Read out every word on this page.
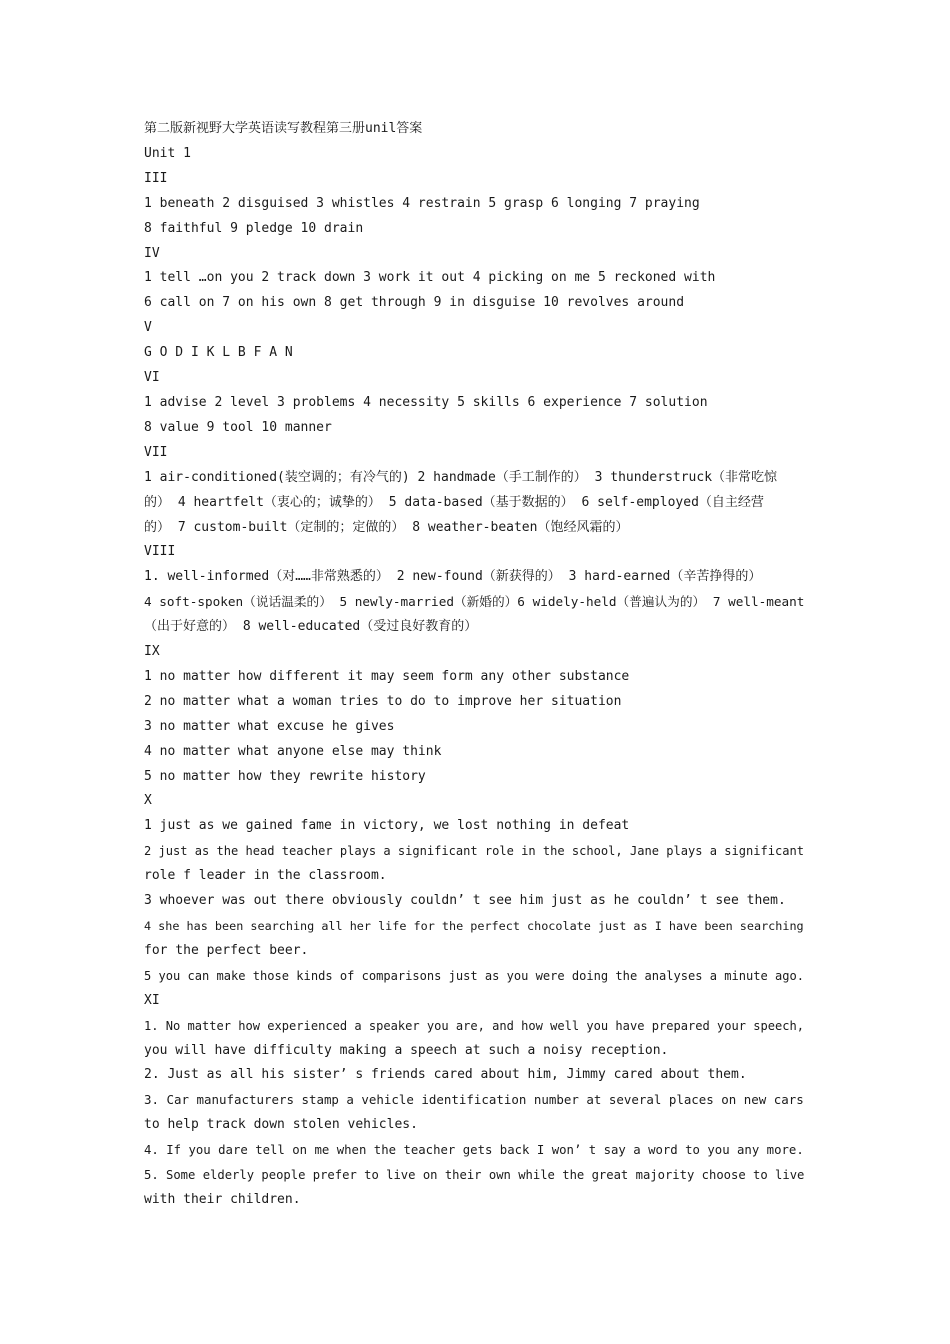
第二版新视野大学英语读写教程第三册unil答案
Unit 1
III
1 beneath 2 disguised 3 whistles 4 restrain 5 grasp 6 longing 7 praying
8 faithful 9 pledge 10 drain
IV
1 tell …on you 2 track down 3 work it out 4 picking on me 5 reckoned with
6 call on 7 on his own 8 get through 9 in disguise 10 revolves around
V
G O D I K L B F A N
VI
1 advise 2 level 3 problems 4 necessity 5 skills 6 experience 7 solution
8 value 9 tool 10 manner
VII
1 air-conditioned(装空调的；有冷气的) 2 handmade（手工制作的） 3 thunderstruck（非常吃惊
的） 4 heartfelt（衷心的；诚挚的） 5 data-based（基于数据的） 6 self-employed（自主经营
的） 7 custom-built（定制的；定做的） 8 weather-beaten（饱经风霜的）
VIII
1. well-informed（对……非常熟悉的） 2 new-found（新获得的） 3 hard-earned（辛苦挣得的）
4 soft-spoken（说话温柔的） 5 newly-married（新婚的）6 widely-held（普遍认为的） 7 well-meant
（出于好意的） 8 well-educated（受过良好教育的）
IX
1 no matter how different it may seem form any other substance
2 no matter what a woman tries to do to improve her situation
3 no matter what excuse he gives
4 no matter what anyone else may think
5 no matter how they rewrite history
X
1 just as we gained fame in victory, we lost nothing in defeat
2 just as the head teacher plays a significant role in the school, Jane plays a significant
role f leader in the classroom.
3 whoever was out there obviously couldn’ t see him just as he couldn’ t see them.
4 she has been searching all her life for the perfect chocolate just as I have been searching
for the perfect beer.
5 you can make those kinds of comparisons just as you were doing the analyses a minute ago.
XI
1. No matter how experienced a speaker you are, and how well you have prepared your speech,
you will have difficulty making a speech at such a noisy reception.
2. Just as all his sister’ s friends cared about him, Jimmy cared about them.
3. Car manufacturers stamp a vehicle identification number at several places on new cars
to help track down stolen vehicles.
4. If you dare tell on me when the teacher gets back I won’ t say a word to you any more.
5. Some elderly people prefer to live on their own while the great majority choose to live
with their children.
